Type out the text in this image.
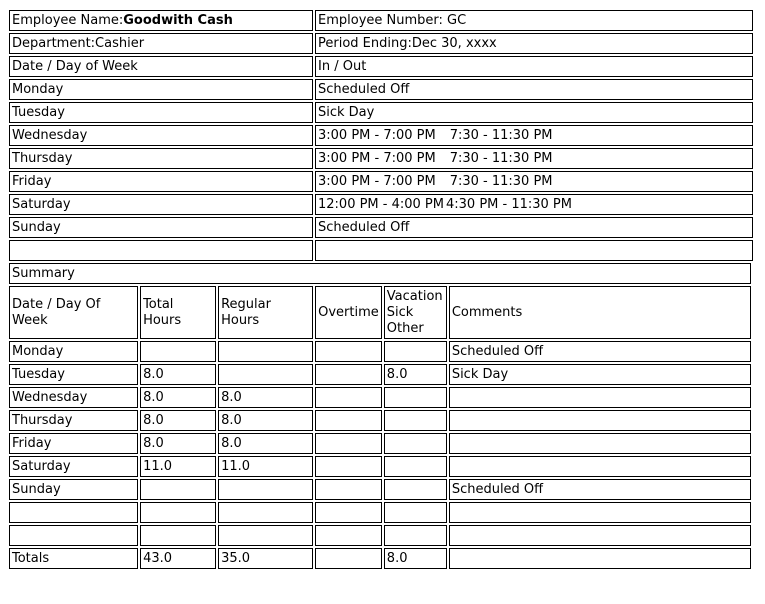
Employee Name:Goodwith Cash	Employee Number: GC
Department:Cashier	Period Ending:Dec 30, xxxx
Date / Day of Week	In / Out
Monday	Scheduled Off
Tuesday	Sick Day
Wednesday	3:00 PM - 7:00 PM 7:30 - 11:30 PM
Thursday	3:00 PM - 7:00 PM 7:30 - 11:30 PM
Friday	3:00 PM - 7:00 PM 7:30 - 11:30 PM
Saturday	12:00 PM - 4:00 PM 4:30 PM - 11:30 PM
Sunday	Scheduled Off

Summary					
Date / Day Of Week	Total Hours	Regular Hours	Overtime	Vacation Sick Other	Comments
Monday					Scheduled Off
Tuesday	8.0			8.0	Sick Day
Wednesday	8.0	8.0			
Thursday	8.0	8.0			
Friday	8.0	8.0			
Saturday	11.0	11.0			
Sunday					Scheduled Off

Totals	43.0	35.0		8.0	
